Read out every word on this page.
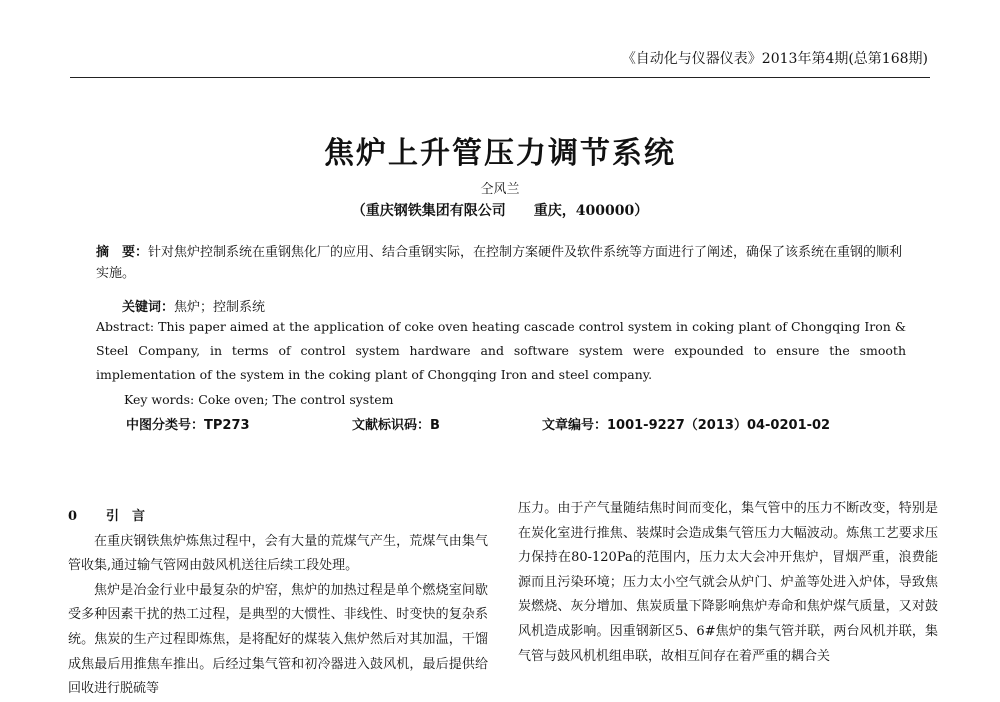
《自动化与仪器仪表》2013年第4期(总第168期)
焦炉上升管压力调节系统
仝风兰
（重庆钢铁集团有限公司　　重庆，400000）
摘　要：针对焦炉控制系统在重钢焦化厂的应用、结合重钢实际，在控制方案硬件及软件系统等方面进行了阐述，确保了该系统在重钢的顺利实施。
关键词：焦炉；控制系统
Abstract: This paper aimed at the application of coke oven heating cascade control system in coking plant of Chongqing Iron & Steel Company, in terms of control system hardware and software system were expounded to ensure the smooth implementation of the system in the coking plant of Chongqing Iron and steel company.
Key words: Coke oven; The control system
中图分类号：TP273	文献标识码：B	文章编号：1001-9227（2013）04-0201-02
0 引　言

在重庆钢铁焦炉炼焦过程中，会有大量的荒煤气产生，荒煤气由集气管收集,通过输气管网由鼓风机送往后续工段处理。

焦炉是冶金行业中最复杂的炉窑，焦炉的加热过程是单个燃烧室间歇受多种因素干扰的热工过程，是典型的大惯性、非线性、时变快的复杂系统。焦炭的生产过程即炼焦，是将配好的煤装入焦炉然后对其加温，干馏成焦最后用推焦车推出。后经过集气管和初冷器进入鼓风机，最后提供给回收进行脱硫等

压力。由于产气量随结焦时间而变化，集气管中的压力不断改变，特别是在炭化室进行推焦、装煤时会造成集气管压力大幅波动。炼焦工艺要求压力保持在80-120Pa的范围内，压力太大会冲开焦炉，冒烟严重，浪费能源而且污染环境；压力太小空气就会从炉门、炉盖等处进入炉体，导致焦炭燃烧、灰分增加、焦炭质量下降影响焦炉寿命和焦炉煤气质量，又对鼓风机造成影响。因重钢新区5、6#焦炉的集气管并联，两台风机并联，集气管与鼓风机机组串联，故相互间存在着严重的耦合关
